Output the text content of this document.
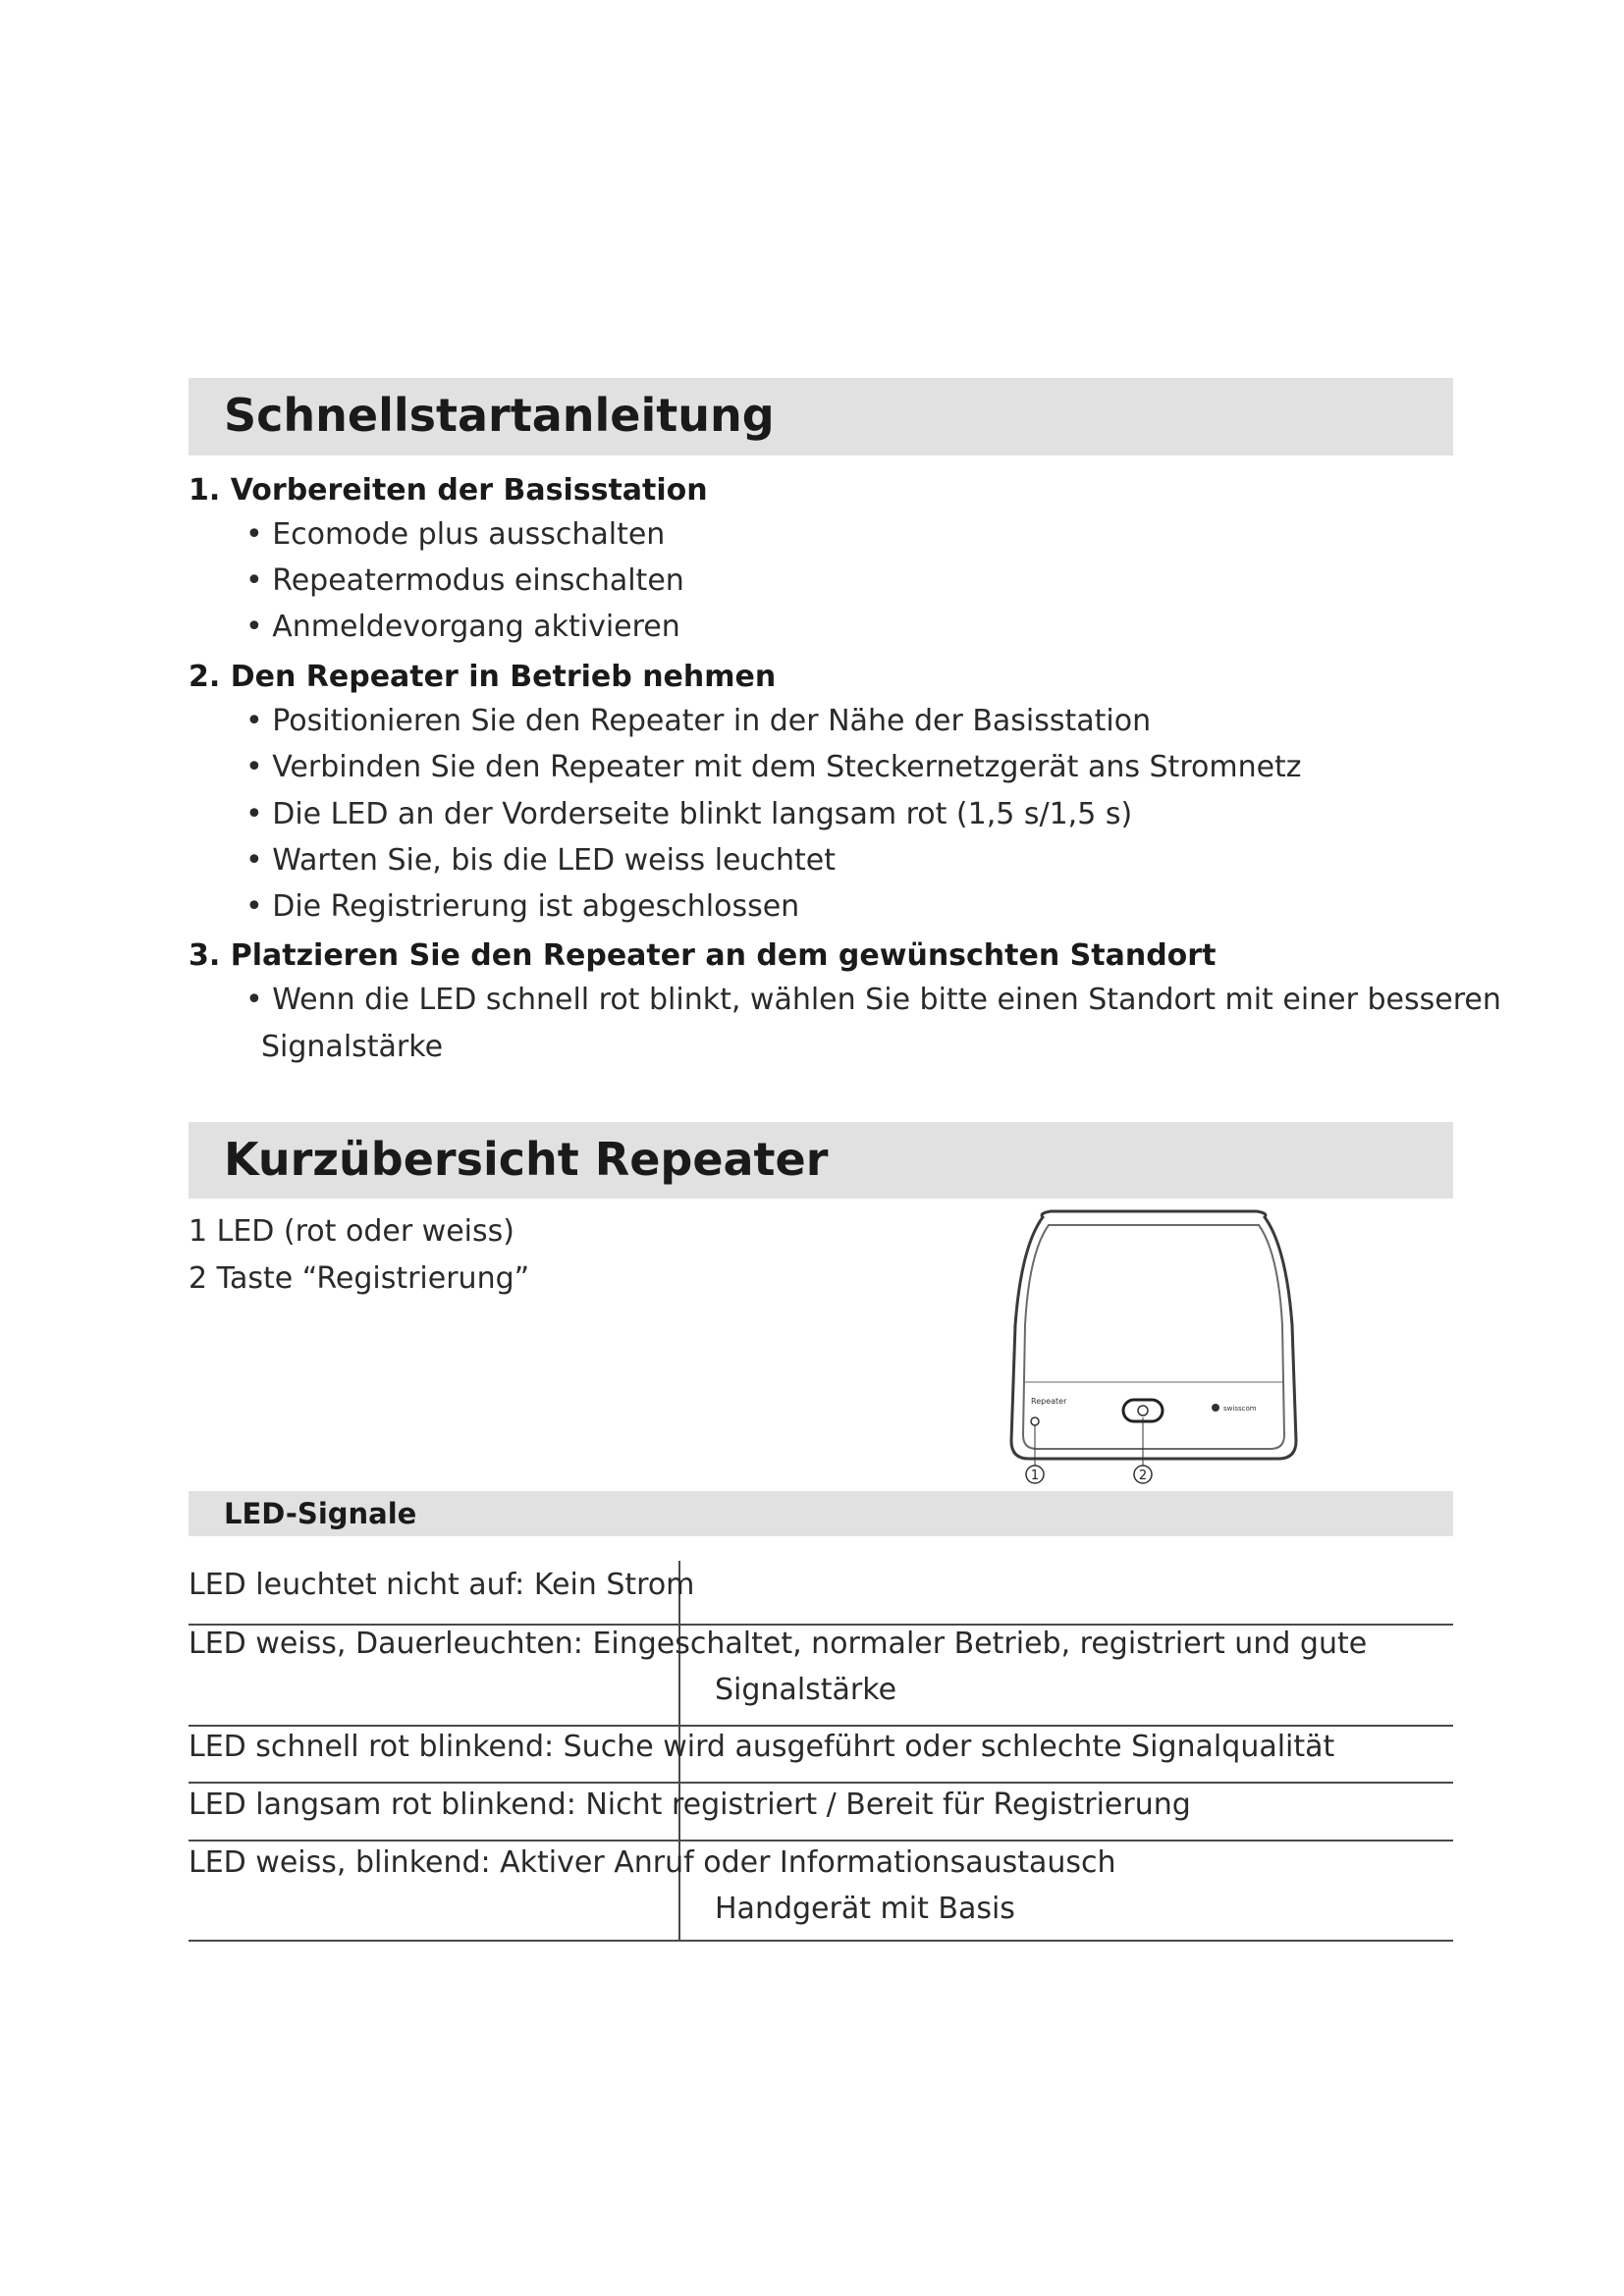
Schnellstartanleitung
1. Vorbereiten der Basisstation
• Ecomode plus ausschalten
• Repeatermodus einschalten
• Anmeldevorgang aktivieren
2. Den Repeater in Betrieb nehmen
• Positionieren Sie den Repeater in der Nähe der Basisstation
• Verbinden Sie den Repeater mit dem Steckernetzgerät ans Stromnetz
• Die LED an der Vorderseite blinkt langsam rot (1,5 s/1,5 s)
• Warten Sie, bis die LED weiss leuchtet
• Die Registrierung ist abgeschlossen
3. Platzieren Sie den Repeater an dem gewünschten Standort
• Wenn die LED schnell rot blinkt, wählen Sie bitte einen Standort mit einer besseren
Signalstärke
Kurzübersicht Repeater
1 LED (rot oder weiss)
2 Taste “Registrierung”
Repeater
swisscom
1	2
LED-Signale
LED leuchtet nicht auf: Kein Strom
LED weiss, Dauerleuchten: Eingeschaltet, normaler Betrieb, registriert und gute
Signalstärke
LED schnell rot blinkend: Suche wird ausgeführt oder schlechte Signalqualität
LED langsam rot blinkend: Nicht registriert / Bereit für Registrierung
LED weiss, blinkend: Aktiver Anruf oder Informationsaustausch
Handgerät mit Basis
